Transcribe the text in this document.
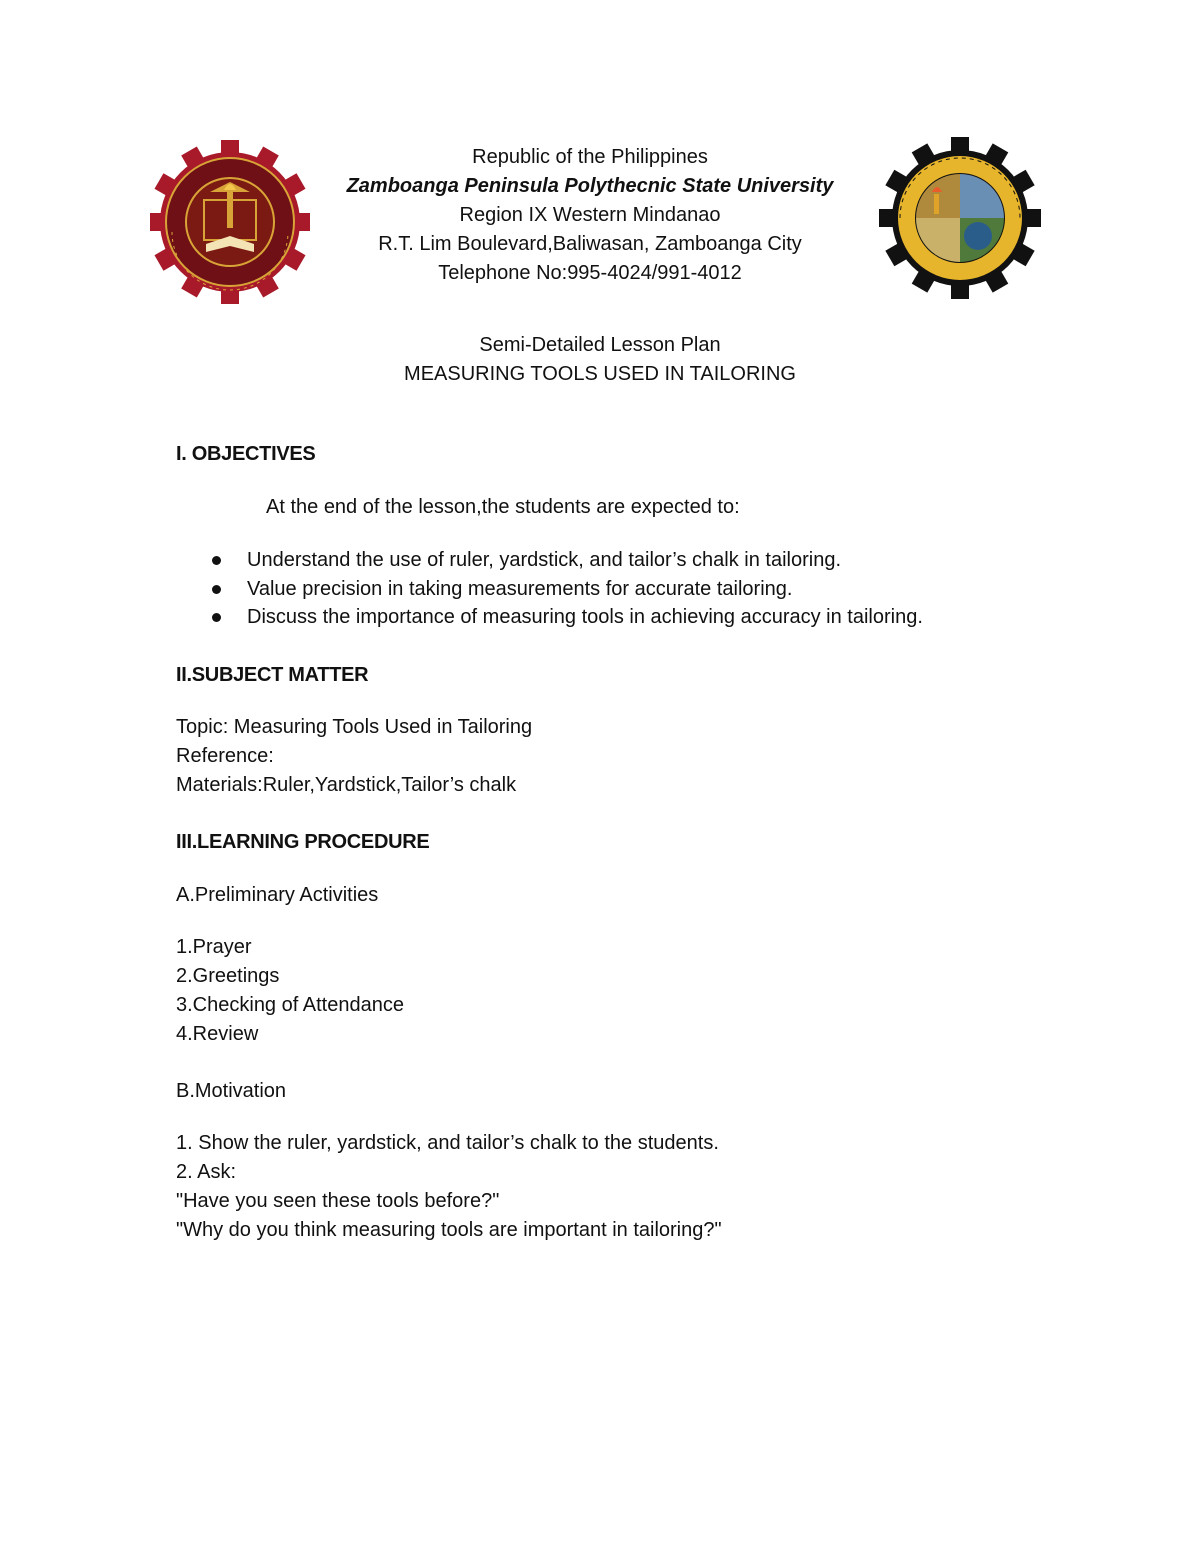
Republic of the Philippines
Zamboanga Peninsula Polythecnic State University
Region IX Western Mindanao
R.T. Lim Boulevard,Baliwasan, Zamboanga City
Telephone No:995-4024/991-4012
Semi-Detailed Lesson Plan
MEASURING TOOLS USED IN TAILORING
I. OBJECTIVES
At the end of the lesson,the students are expected to:
Understand the use of ruler, yardstick, and tailor’s chalk in tailoring.
Value precision in taking measurements for accurate tailoring.
Discuss the importance of measuring tools in achieving accuracy in tailoring.
II.SUBJECT MATTER
Topic: Measuring Tools Used in Tailoring
Reference:
Materials:Ruler,Yardstick,Tailor’s chalk
III.LEARNING PROCEDURE
A.Preliminary Activities
1.Prayer
2.Greetings
3.Checking of Attendance
4.Review
B.Motivation
1. Show the ruler, yardstick, and tailor’s chalk to the students.
2. Ask:
"Have you seen these tools before?"
"Why do you think measuring tools are important in tailoring?"
